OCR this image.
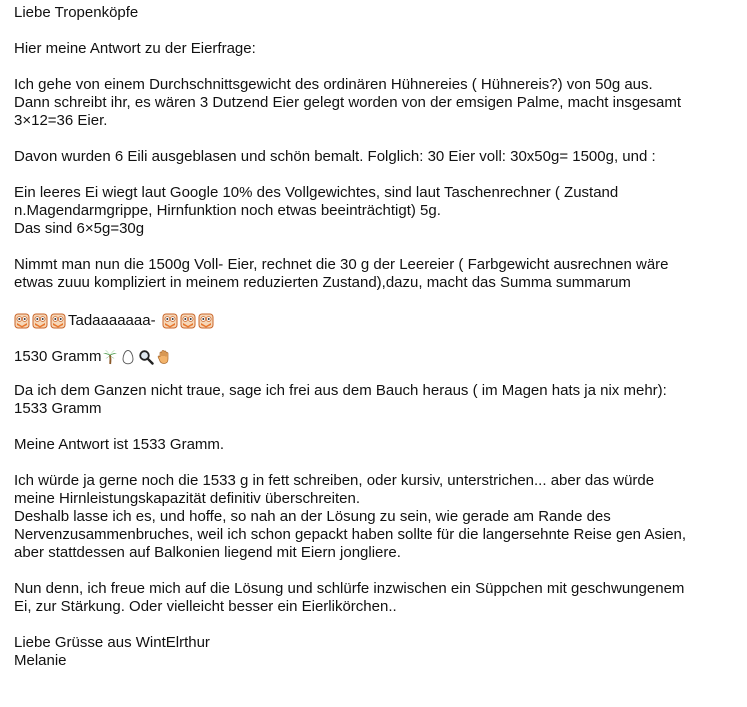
Liebe Tropenköpfe

Hier meine Antwort zu der Eierfrage:

Ich gehe von einem Durchschnittsgewicht des ordinären Hühnereies ( Hühnereis?) von 50g aus.
Dann schreibt ihr, es wären 3 Dutzend Eier gelegt worden von der emsigen Palme, macht insgesamt
3×12=36 Eier.

Davon wurden 6 Eili ausgeblasen und schön bemalt. Folglich: 30 Eier voll: 30x50g= 1500g, und :

Ein leeres Ei wiegt laut Google 10% des Vollgewichtes, sind laut Taschenrechner ( Zustand
n.Magendarmgrippe, Hirnfunktion noch etwas beeinträchtigt) 5g.
Das sind 6×5g=30g

Nimmt man nun die 1500g Voll- Eier, rechnet die 30 g der Leereier ( Farbgewicht ausrechnen wäre
etwas zuuu kompliziert in meinem reduzierten Zustand),dazu, macht das Summa summarum

Tadaaaaaaa-
1530 Gramm

Da ich dem Ganzen nicht traue, sage ich frei aus dem Bauch heraus ( im Magen hats ja nix mehr):
1533 Gramm

Meine Antwort ist 1533 Gramm.

Ich würde ja gerne noch die 1533 g in fett schreiben, oder kursiv, unterstrichen... aber das würde
meine Hirnleistungskapazität definitiv überschreiten.
Deshalb lasse ich es, und hoffe, so nah an der Lösung zu sein, wie gerade am Rande des
Nervenzusammenbruches, weil ich schon gepackt haben sollte für die langersehnte Reise gen Asien,
aber stattdessen auf Balkonien liegend mit Eiern jongliere.

Nun denn, ich freue mich auf die Lösung und schlürfe inzwischen ein Süppchen mit geschwungenem
Ei, zur Stärkung. Oder vielleicht besser ein Eierlikörchen..

Liebe Grüsse aus WintElrthur
Melanie
